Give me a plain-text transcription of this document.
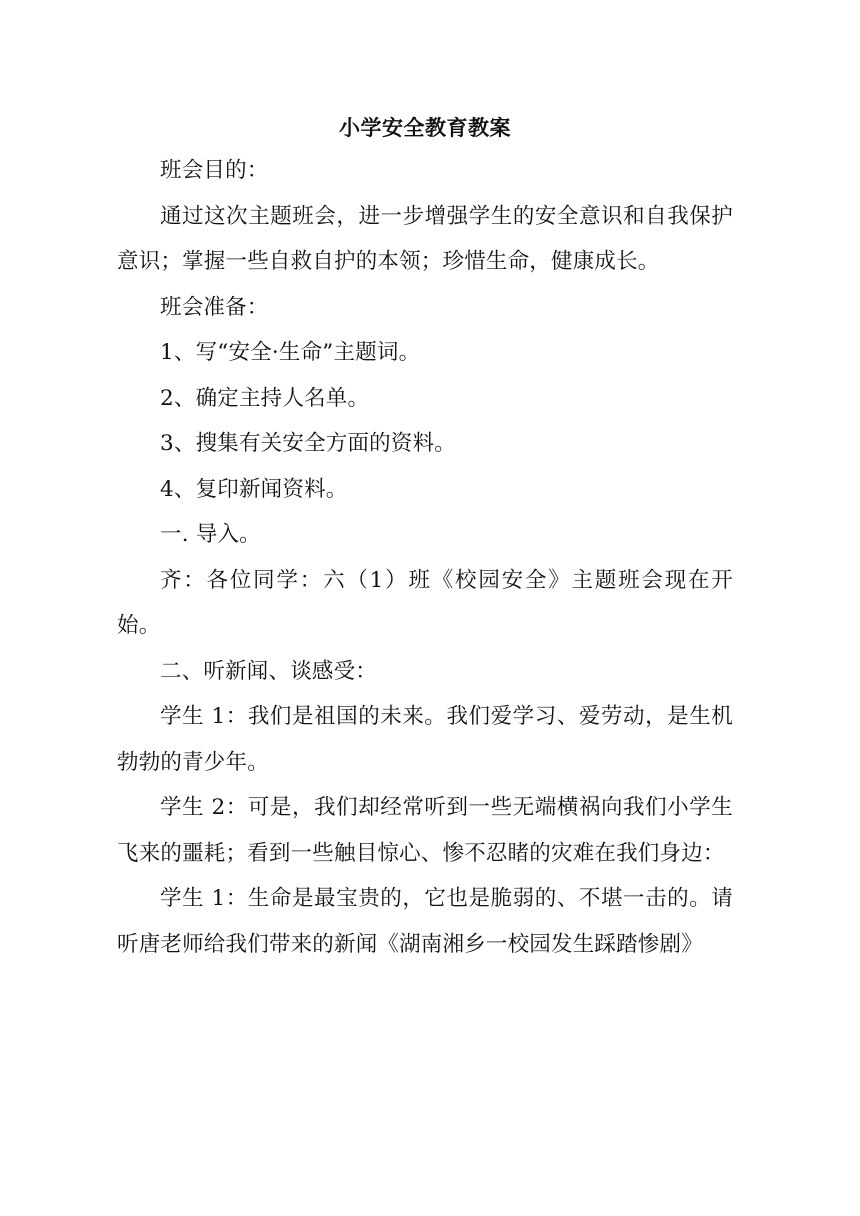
小学安全教育教案

班会目的：

通过这次主题班会，进一步增强学生的安全意识和自我保护意识；掌握一些自救自护的本领；珍惜生命，健康成长。

班会准备：

1、写“安全·生命”主题词。

2、确定主持人名单。

3、搜集有关安全方面的资料。

4、复印新闻资料。

一. 导入。

齐：各位同学：六（1）班《校园安全》主题班会现在开始。

二、听新闻、谈感受：

学生 1：我们是祖国的未来。我们爱学习、爱劳动，是生机勃勃的青少年。

学生 2：可是，我们却经常听到一些无端横祸向我们小学生飞来的噩耗；看到一些触目惊心、惨不忍睹的灾难在我们身边：

学生 1：生命是最宝贵的，它也是脆弱的、不堪一击的。请听唐老师给我们带来的新闻《湖南湘乡一校园发生踩踏惨剧》
